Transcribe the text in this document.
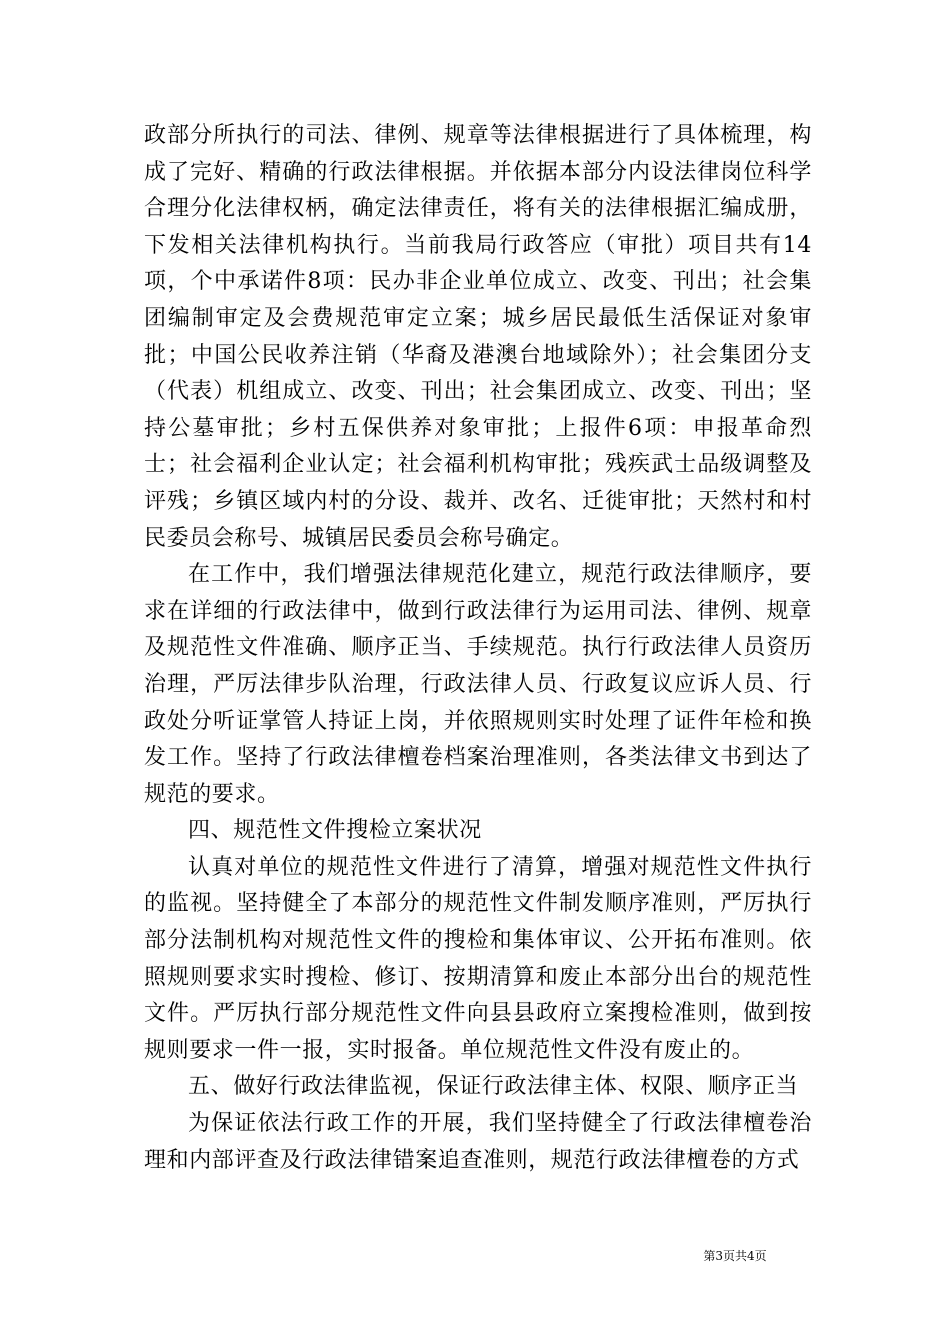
政部分所执行的司法、律例、规章等法律根据进行了具体梳理，构成了完好、精确的行政法律根据。并依据本部分内设法律岗位科学合理分化法律权柄，确定法律责任，将有关的法律根据汇编成册，下发相关法律机构执行。当前我局行政答应（审批）项目共有14项，个中承诺件8项：民办非企业单位成立、改变、刊出；社会集团编制审定及会费规范审定立案；城乡居民最低生活保证对象审批；中国公民收养注销（华裔及港澳台地域除外）；社会集团分支（代表）机组成立、改变、刊出；社会集团成立、改变、刊出；坚持公墓审批；乡村五保供养对象审批；上报件6项：申报革命烈士；社会福利企业认定；社会福利机构审批；残疾武士品级调整及评残；乡镇区域内村的分设、裁并、改名、迁徙审批；天然村和村民委员会称号、城镇居民委员会称号确定。

在工作中，我们增强法律规范化建立，规范行政法律顺序，要求在详细的行政法律中，做到行政法律行为运用司法、律例、规章及规范性文件准确、顺序正当、手续规范。执行行政法律人员资历治理，严厉法律步队治理，行政法律人员、行政复议应诉人员、行政处分听证掌管人持证上岗，并依照规则实时处理了证件年检和换发工作。坚持了行政法律檀卷档案治理准则，各类法律文书到达了规范的要求。

四、规范性文件搜检立案状况

认真对单位的规范性文件进行了清算，增强对规范性文件执行的监视。坚持健全了本部分的规范性文件制发顺序准则，严厉执行部分法制机构对规范性文件的搜检和集体审议、公开拓布准则。依照规则要求实时搜检、修订、按期清算和废止本部分出台的规范性文件。严厉执行部分规范性文件向县县政府立案搜检准则，做到按规则要求一件一报，实时报备。单位规范性文件没有废止的。

五、做好行政法律监视，保证行政法律主体、权限、顺序正当

为保证依法行政工作的开展，我们坚持健全了行政法律檀卷治理和内部评查及行政法律错案追查准则，规范行政法律檀卷的方式

第3页共4页
